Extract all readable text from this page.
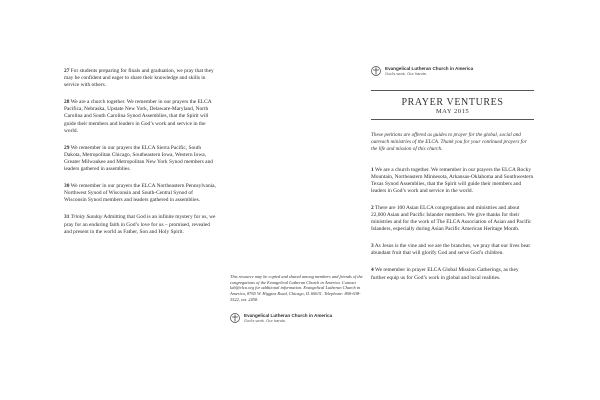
27 For students preparing for finals and graduation, we pray that they may be confident and eager to share their knowledge and skills in service with others.

28 We are a church together. We remember in our prayers the ELCA Pacifica, Nebraska, Upstate New York, Delaware-Maryland, North Carolina and South Carolina Synod Assemblies, that the Spirit will guide their members and leaders in God’s work and service in the world.

29 We remember in our prayers the ELCA Sierra Pacific, South Dakota, Metropolitan Chicago, Southeastern Iowa, Western Iowa, Greater Milwaukee and Metropolitan New York Synod members and leaders gathered in assemblies.

30 We remember in our prayers the ELCA Northeastern Pennsylvania, Northwest Synod of Wisconsin and South-Central Synod of Wisconsin Synod members and leaders gathered in assemblies.

31 Trinity Sunday Admitting that God is an infinite mystery for us, we pray for an enduring faith in God’s love for us – promised, revealed and present in the world as Father, Son and Holy Spirit.

This resource may be copied and shared among members and friends of the congregations of the Evangelical Lutheran Church in America. Contact lab@elca.org for additional information. Evangelical Lutheran Church in America, 8765 W. Higgins Road, Chicago, IL 60631. Telephone: 800-638-3522, ext. 2458.

Evangelical Lutheran Church in America
God’s work. Our hands.
Evangelical Lutheran Church in America
God’s work. Our hands.
PRAYER VENTURES
MAY 2015

These petitions are offered as guides to prayer for the global, social and outreach ministries of the ELCA. Thank you for your continued prayers for the life and mission of this church.

1 We are a church together. We remember in our prayers the ELCA Rocky Mountain, Northeastern Minnesota, Arkansas-Oklahoma and Southwestern Texas Synod Assemblies, that the Spirit will guide their members and leaders in God’s work and service in the world.

2 There are 100 Asian ELCA congregations and ministries and about 22,000 Asian and Pacific Islander members. We give thanks for their ministries and for the work of The ELCA Association of Asian and Pacific Islanders, especially during Asian Pacific American Heritage Month.

3 As Jesus is the vine and we are the branches, we pray that our lives bear abundant fruit that will glorify God and serve God’s children.

4 We remember in prayer ELCA Global Mission Gatherings, as they further equip us for God’s work in global and local realities.
